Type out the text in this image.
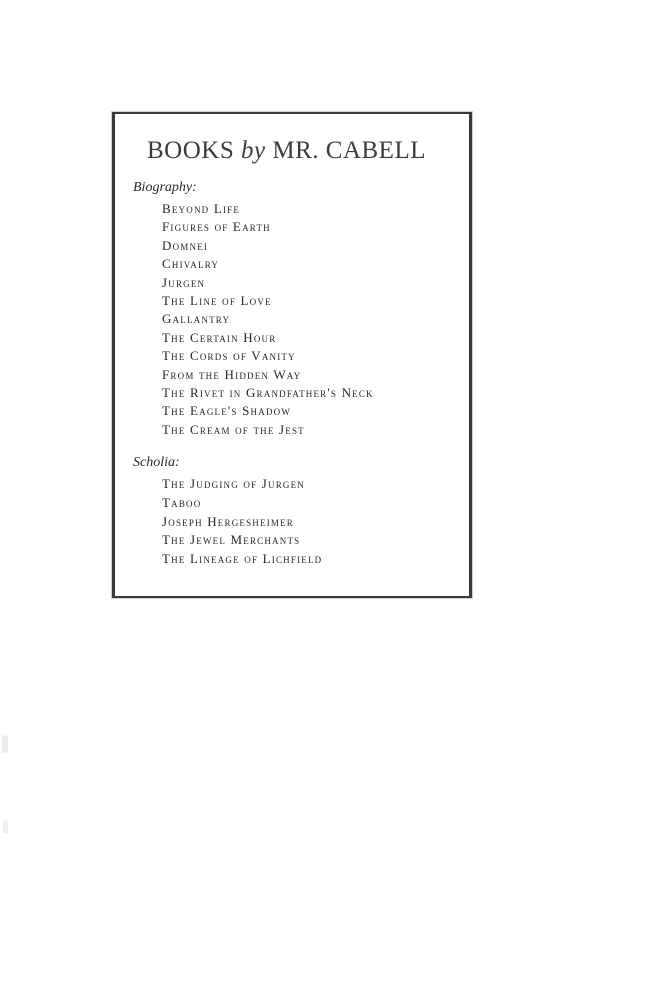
BOOKS by MR. CABELL

Biography:

Beyond Life
Figures of Earth
Domnei
Chivalry
Jurgen
The Line of Love
Gallantry
The Certain Hour
The Cords of Vanity
From the Hidden Way
The Rivet in Grandfather's Neck
The Eagle's Shadow
The Cream of the Jest

Scholia:

The Judging of Jurgen
Taboo
Joseph Hergesheimer
The Jewel Merchants
The Lineage of Lichfield
